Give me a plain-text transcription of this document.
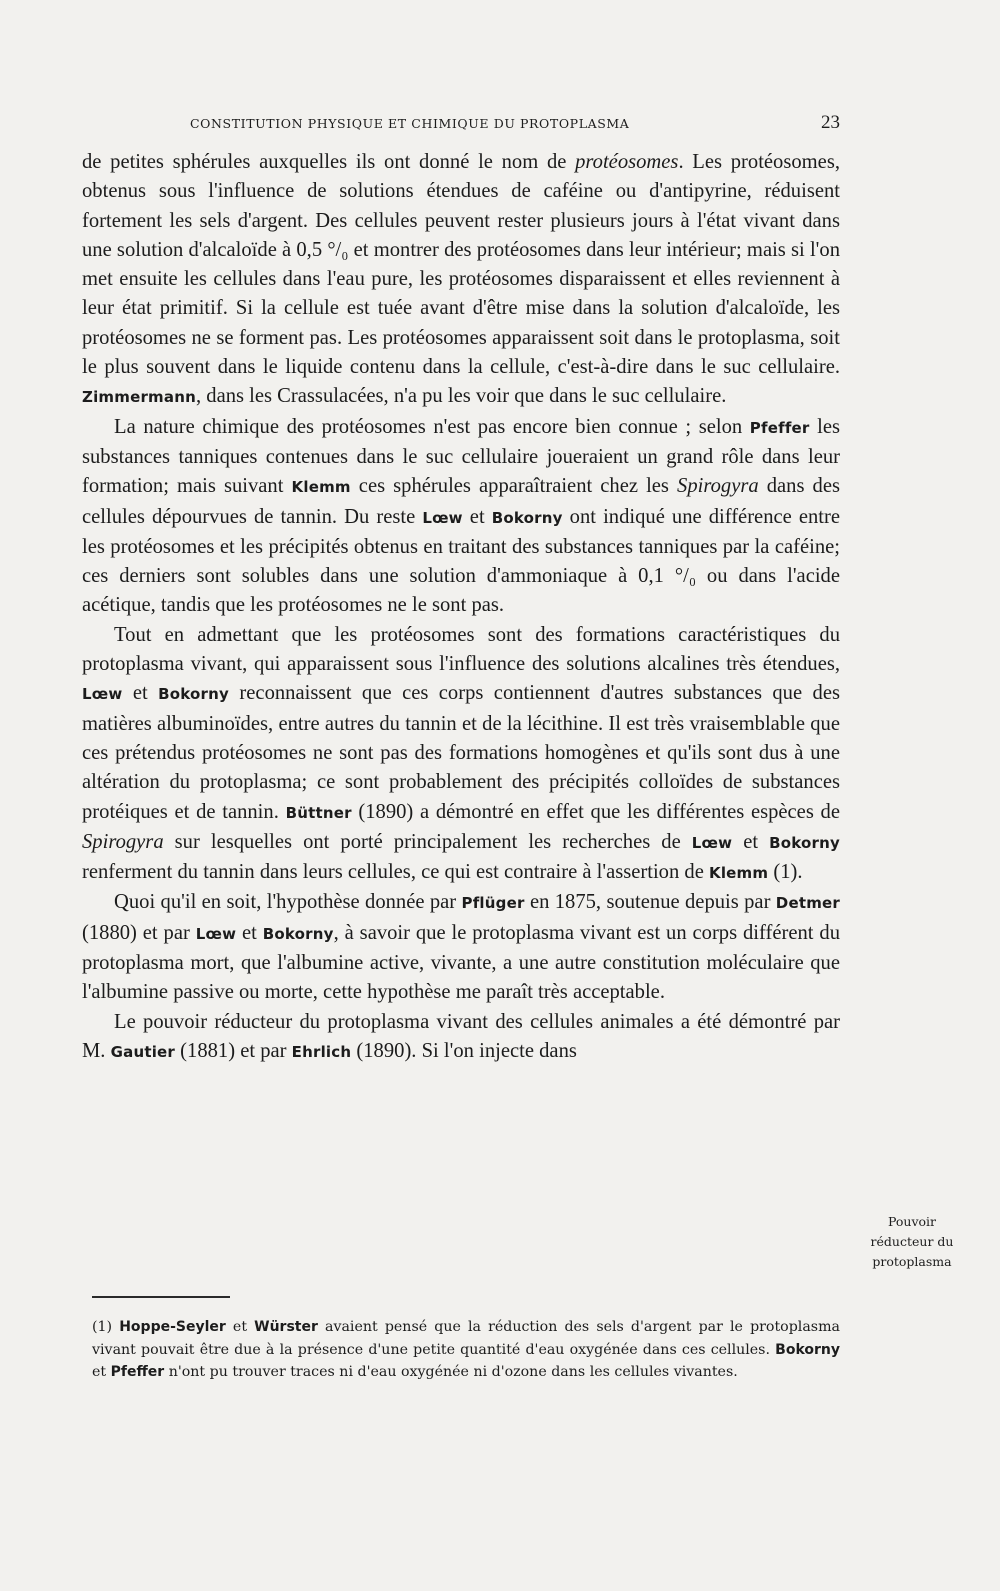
CONSTITUTION PHYSIQUE ET CHIMIQUE DU PROTOPLASMA	23

de petites sphérules auxquelles ils ont donné le nom de protéosomes. Les protéosomes, obtenus sous l'influence de solutions étendues de caféine ou d'antipyrine, réduisent fortement les sels d'argent. Des cellules peuvent rester plusieurs jours à l'état vivant dans une solution d'alcaloïde à 0,5 °/₀ et montrer des protéosomes dans leur intérieur; mais si l'on met ensuite les cellules dans l'eau pure, les protéosomes disparaissent et elles reviennent à leur état primitif. Si la cellule est tuée avant d'être mise dans la solution d'alcaloïde, les protéosomes ne se forment pas. Les protéosomes apparaissent soit dans le protoplasma, soit le plus souvent dans le liquide contenu dans la cellule, c'est-à-dire dans le suc cellulaire. Zimmermann, dans les Crassulacées, n'a pu les voir que dans le suc cellulaire.

La nature chimique des protéosomes n'est pas encore bien connue ; selon Pfeffer les substances tanniques contenues dans le suc cellulaire joueraient un grand rôle dans leur formation; mais suivant Klemm ces sphérules apparaîtraient chez les Spirogyra dans des cellules dépourvues de tannin. Du reste Lœw et Bokorny ont indiqué une différence entre les protéosomes et les précipités obtenus en traitant des substances tanniques par la caféine; ces derniers sont solubles dans une solution d'ammoniaque à 0,1 °/₀ ou dans l'acide acétique, tandis que les protéosomes ne le sont pas.

Tout en admettant que les protéosomes sont des formations caractéristiques du protoplasma vivant, qui apparaissent sous l'influence des solutions alcalines très étendues, Lœw et Bokorny reconnaissent que ces corps contiennent d'autres substances que des matières albuminoïdes, entre autres du tannin et de la lécithine. Il est très vraisemblable que ces prétendus protéosomes ne sont pas des formations homogènes et qu'ils sont dus à une altération du protoplasma; ce sont probablement des précipités colloïdes de substances protéiques et de tannin. Büttner (1890) a démontré en effet que les différentes espèces de Spirogyra sur lesquelles ont porté principalement les recherches de Lœw et Bokorny renferment du tannin dans leurs cellules, ce qui est contraire à l'assertion de Klemm (1).

Quoi qu'il en soit, l'hypothèse donnée par Pflüger en 1875, soutenue depuis par Detmer (1880) et par Lœw et Bokorny, à savoir que le protoplasma vivant est un corps différent du protoplasma mort, que l'albumine active, vivante, a une autre constitution moléculaire que l'albumine passive ou morte, cette hypothèse me paraît très acceptable.

Le pouvoir réducteur du protoplasma vivant des cellules animales a été démontré par M. Gautier (1881) et par Ehrlich (1890). Si l'on injecte dans

Pouvoir
réducteur du
protoplasma

(1) Hoppe-Seyler et Würster avaient pensé que la réduction des sels d'argent par le protoplasma vivant pouvait être due à la présence d'une petite quantité d'eau oxygénée dans ces cellules. Bokorny et Pfeffer n'ont pu trouver traces ni d'eau oxygénée ni d'ozone dans les cellules vivantes.
